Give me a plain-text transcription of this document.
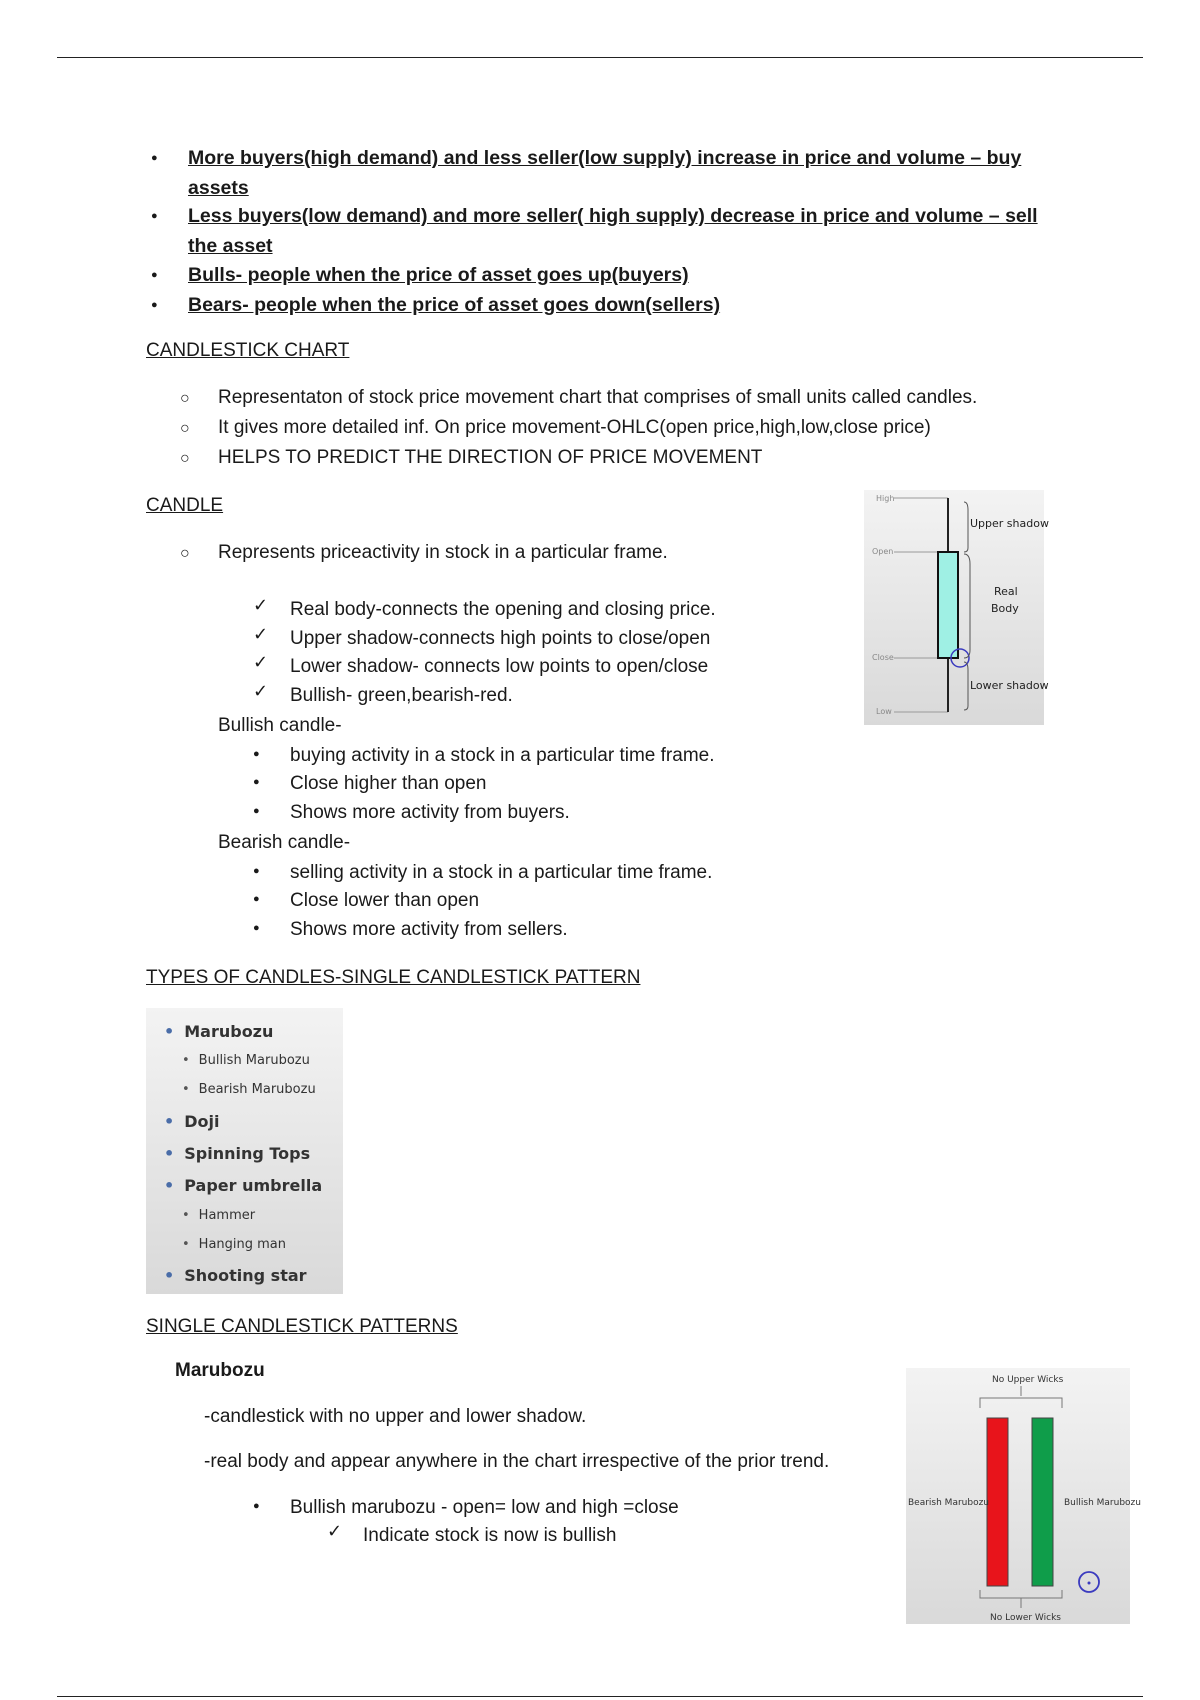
● More buyers(high demand) and less seller(low supply) increase in price and volume – buy
assets
● Less buyers(low demand) and more seller( high supply) decrease in price and volume – sell
the asset
● Bulls- people when the price of asset goes up(buyers)
● Bears- people when the price of asset goes down(sellers)
CANDLESTICK CHART
○ Representaton of stock price movement chart that comprises of small units called candles.
○ It gives more detailed inf. On price movement-OHLC(open price,high,low,close price)
○ HELPS TO PREDICT THE DIRECTION OF PRICE MOVEMENT
CANDLE
○ Represents priceactivity in stock in a particular frame.
✓ Real body-connects the opening and closing price.
✓ Upper shadow-connects high points to close/open
✓ Lower shadow- connects low points to open/close
✓ Bullish- green,bearish-red.
Bullish candle-
● buying activity in a stock in a particular time frame.
● Close higher than open
● Shows more activity from buyers.
Bearish candle-
● selling activity in a stock in a particular time frame.
● Close lower than open
● Shows more activity from sellers.
High
Open
Close
Low
Upper shadow
Real
Body
Lower shadow
TYPES OF CANDLES-SINGLE CANDLESTICK PATTERN
• Marubozu
• Bullish Marubozu
• Bearish Marubozu
• Doji
• Spinning Tops
• Paper umbrella
• Hammer
• Hanging man
• Shooting star
SINGLE CANDLESTICK PATTERNS
Marubozu
-candlestick with no upper and lower shadow.
-real body and appear anywhere in the chart irrespective of the prior trend.
● Bullish marubozu - open= low and high =close
✓ Indicate stock is now is bullish
No Upper Wicks
No Lower Wicks
Bearish Marubozu	Bullish Marubozu
